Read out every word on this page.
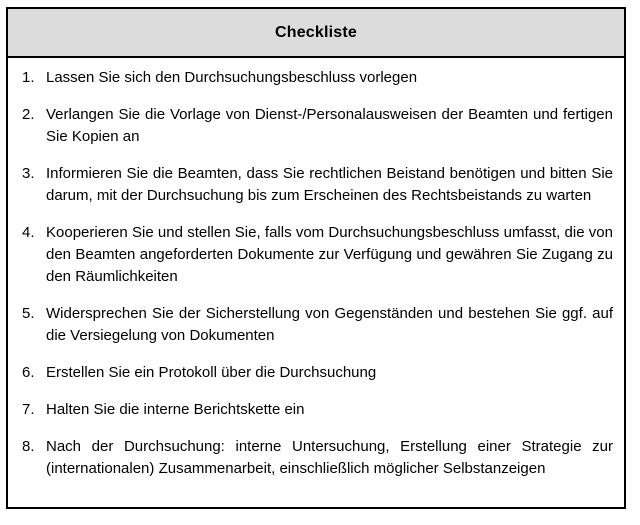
Checkliste
1. Lassen Sie sich den Durchsuchungsbeschluss vorlegen
2. Verlangen Sie die Vorlage von Dienst-/Personalausweisen der Beamten und fertigen Sie Kopien an
3. Informieren Sie die Beamten, dass Sie rechtlichen Beistand benötigen und bitten Sie darum, mit der Durchsuchung bis zum Erscheinen des Rechtsbeistands zu warten
4. Kooperieren Sie und stellen Sie, falls vom Durchsuchungsbeschluss umfasst, die von den Beamten angeforderten Dokumente zur Verfügung und gewähren Sie Zugang zu den Räumlichkeiten
5. Widersprechen Sie der Sicherstellung von Gegenständen und bestehen Sie ggf. auf die Versiegelung von Dokumenten
6. Erstellen Sie ein Protokoll über die Durchsuchung
7. Halten Sie die interne Berichtskette ein
8. Nach der Durchsuchung: interne Untersuchung, Erstellung einer Strategie zur (internationalen) Zusammenarbeit, einschließlich möglicher Selbstanzeigen
